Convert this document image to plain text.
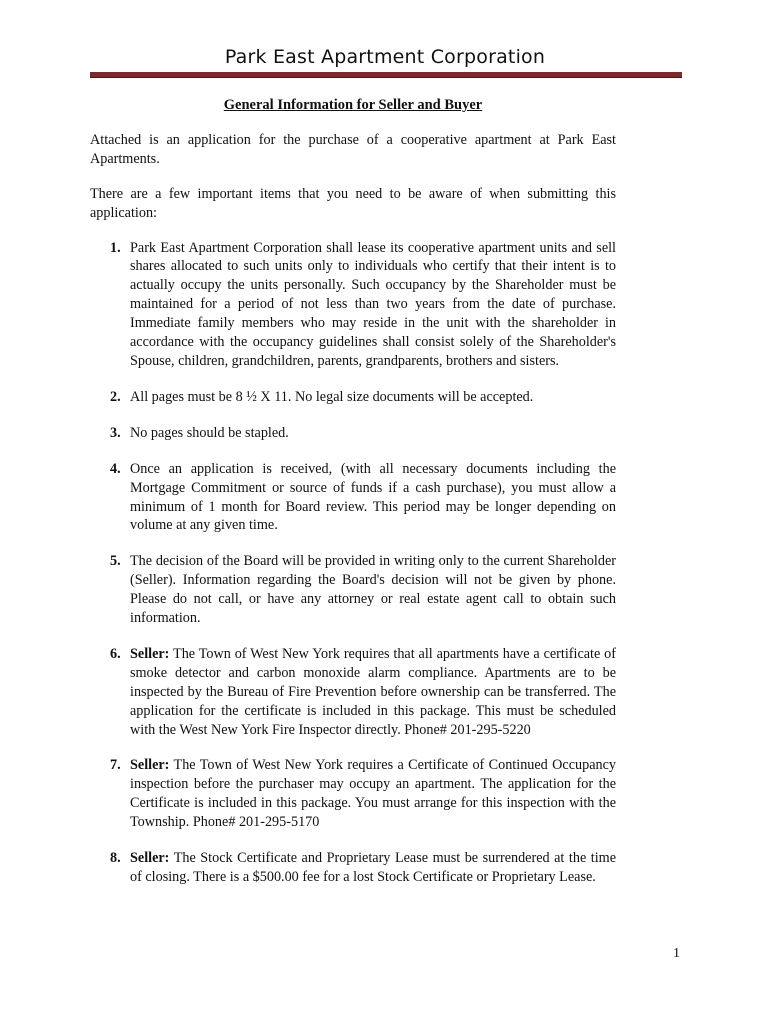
Park East Apartment Corporation
General Information for Seller and Buyer

Attached is an application for the purchase of a cooperative apartment at Park East Apartments.

There are a few important items that you need to be aware of when submitting this application:

1. Park East Apartment Corporation shall lease its cooperative apartment units and sell shares allocated to such units only to individuals who certify that their intent is to actually occupy the units personally. Such occupancy by the Shareholder must be maintained for a period of not less than two years from the date of purchase. Immediate family members who may reside in the unit with the shareholder in accordance with the occupancy guidelines shall consist solely of the Shareholder's Spouse, children, grandchildren, parents, grandparents, brothers and sisters.
2. All pages must be 8 ½ X 11. No legal size documents will be accepted.
3. No pages should be stapled.
4. Once an application is received, (with all necessary documents including the Mortgage Commitment or source of funds if a cash purchase), you must allow a minimum of 1 month for Board review. This period may be longer depending on volume at any given time.
5. The decision of the Board will be provided in writing only to the current Shareholder (Seller). Information regarding the Board's decision will not be given by phone. Please do not call, or have any attorney or real estate agent call to obtain such information.
6. Seller: The Town of West New York requires that all apartments have a certificate of smoke detector and carbon monoxide alarm compliance. Apartments are to be inspected by the Bureau of Fire Prevention before ownership can be transferred. The application for the certificate is included in this package. This must be scheduled with the West New York Fire Inspector directly. Phone# 201-295-5220
7. Seller: The Town of West New York requires a Certificate of Continued Occupancy inspection before the purchaser may occupy an apartment. The application for the Certificate is included in this package. You must arrange for this inspection with the Township. Phone# 201-295-5170
8. Seller: The Stock Certificate and Proprietary Lease must be surrendered at the time of closing. There is a $500.00 fee for a lost Stock Certificate or Proprietary Lease.
1
